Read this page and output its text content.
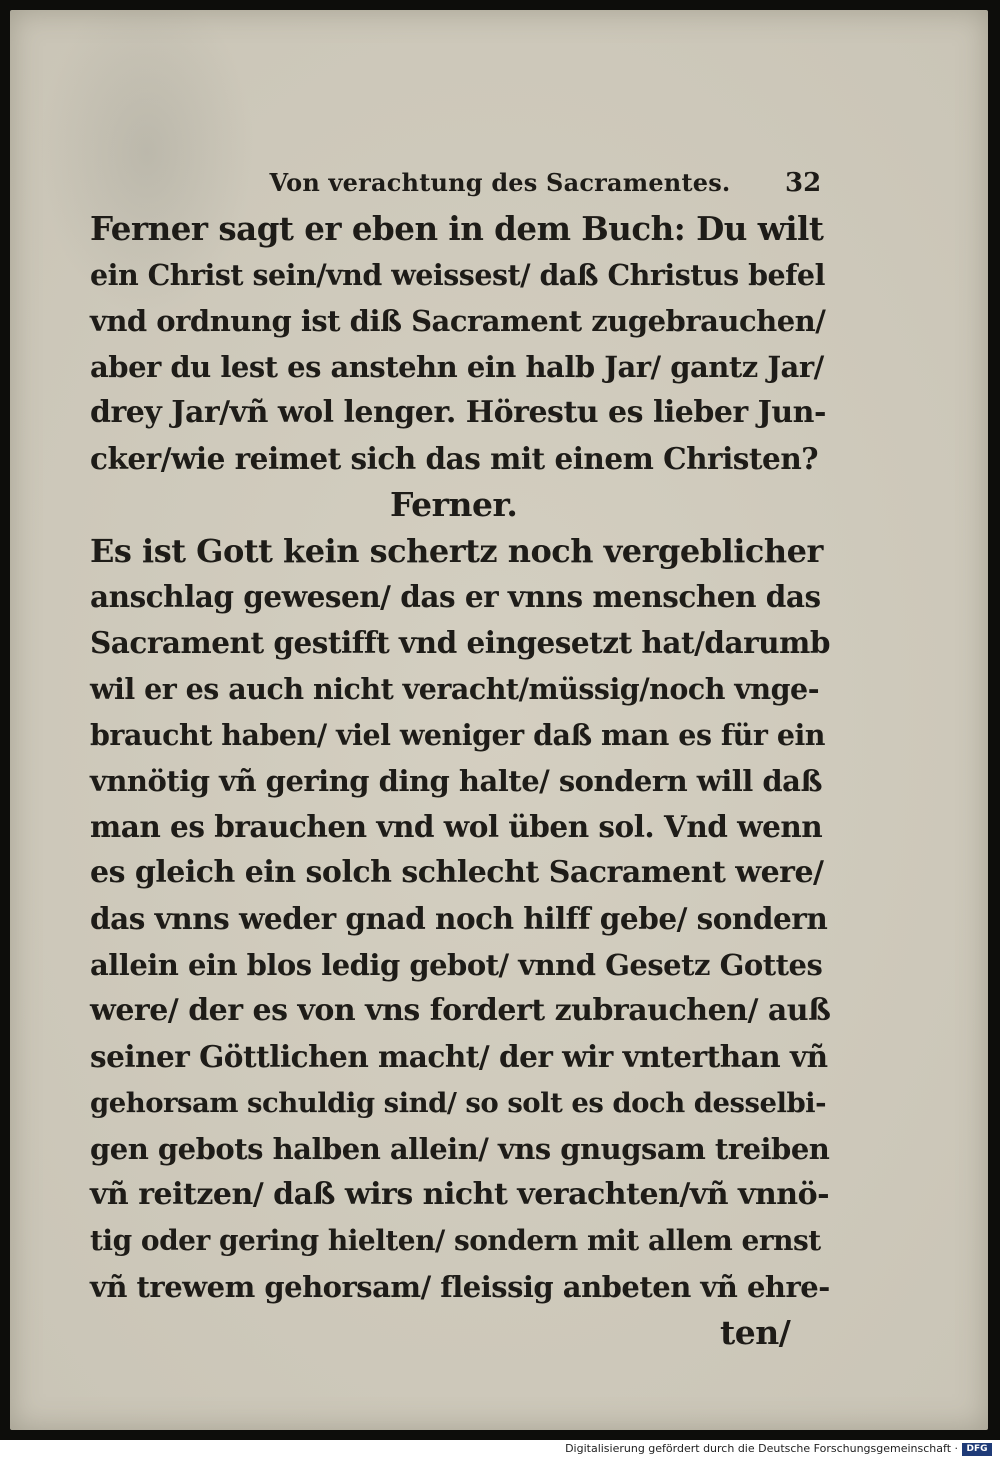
Von verachtung des Sacramentes.	32
Ferner sagt er eben in dem Buch: Du wilt
ein Christ sein/vnd weissest/ daß Christus befel
vnd ordnung ist diß Sacrament zugebrauchen/
aber du lest es anstehn ein halb Jar/ gantz Jar/
drey Jar/vñ wol lenger. Hörestu es lieber Jun-
cker/wie reimet sich das mit einem Christen?
Ferner.
Es ist Gott kein schertz noch vergeblicher
anschlag gewesen/ das er vnns menschen das
Sacrament gestifft vnd eingesetzt hat/darumb
wil er es auch nicht veracht/müssig/noch vnge-
braucht haben/ viel weniger daß man es für ein
vnnötig vñ gering ding halte/ sondern will daß
man es brauchen vnd wol üben sol. Vnd wenn
es gleich ein solch schlecht Sacrament were/
das vnns weder gnad noch hilff gebe/ sondern
allein ein blos ledig gebot/ vnnd Gesetz Gottes
were/ der es von vns fordert zubrauchen/ auß
seiner Göttlichen macht/ der wir vnterthan vñ
gehorsam schuldig sind/ so solt es doch desselbi-
gen gebots halben allein/ vns gnugsam treiben
vñ reitzen/ daß wirs nicht verachten/vñ vnnö-
tig oder gering hielten/ sondern mit allem ernst
vñ trewem gehorsam/ fleissig anbeten vñ ehre-
ten/
Digitalisierung gefördert durch die Deutsche Forschungsgemeinschaft · DFG
